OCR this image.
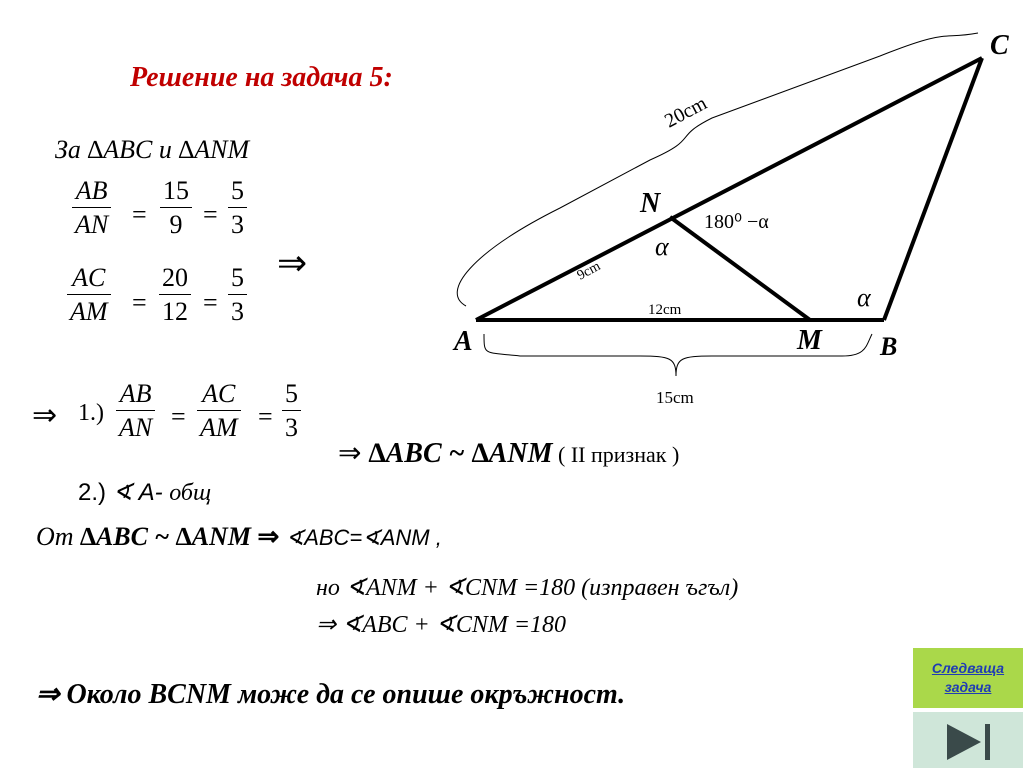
Решение на задача 5:
За ∆ABC и ∆ANM
$\frac{AB}{AN} = \frac{15}{9} = \frac{5}{3}$
$\frac{AC}{AM} = \frac{20}{12} = \frac{5}{3}$ ⇒
⇒ $1.) \frac{AB}{AN} = \frac{AC}{AM} = \frac{5}{3}$
⇒ ∆ABC ~ ∆ANM ( II признак )
2.) ∢ A- общ
От ∆ABC ~ ∆ANM ⇒ ∢ABC=∢ANM ,
но ∢ANM + ∢CNM =180 (изправен ъгъл)
⇒ ∢ABC + ∢CNM =180
⇒ Около BCNM може да се опише окръжност.
A	B
C
N
M
20cm
9cm
12cm
15cm
α
α
180⁰ −α
Следваща
задача
